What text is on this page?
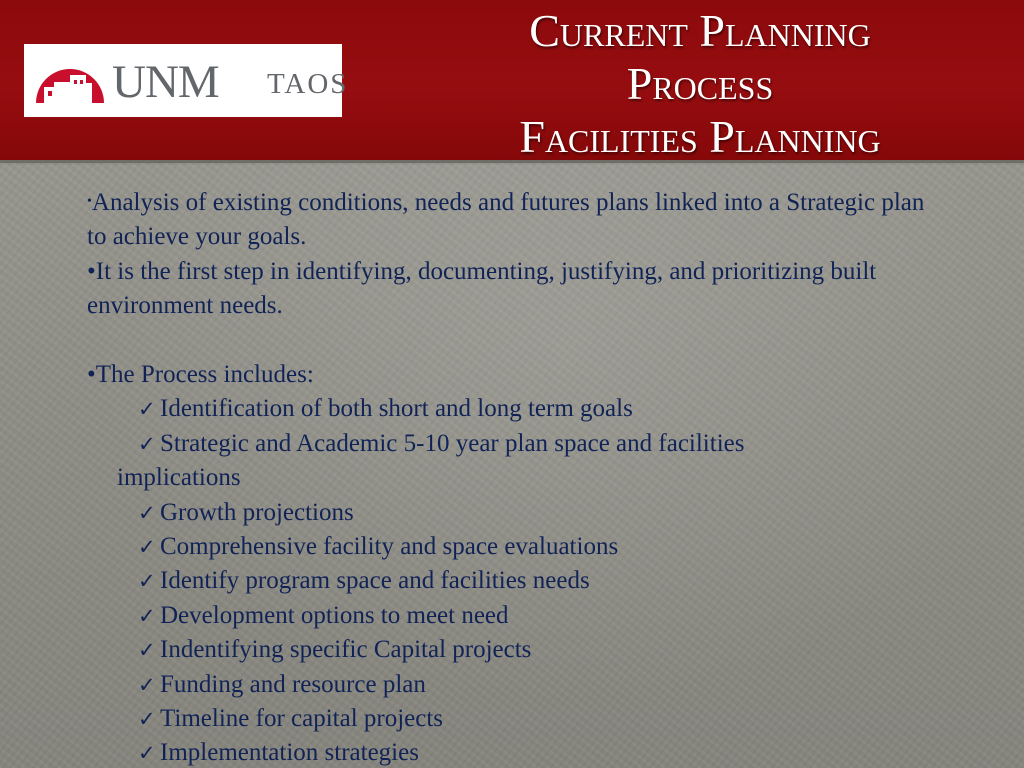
UNM TAOS
Current Planning
Process
Facilities Planning

•Analysis of existing conditions, needs and futures plans linked into a Strategic plan to achieve your goals.

•It is the first step in identifying, documenting, justifying, and prioritizing built environment needs.

•The Process includes:

✓ Identification of both short and long term goals
✓ Strategic and Academic 5-10 year plan space and facilities
implications
✓ Growth projections
✓ Comprehensive facility and space evaluations
✓ Identify program space and facilities needs
✓ Development options to meet need
✓ Indentifying specific Capital projects
✓ Funding and resource plan
✓ Timeline for capital projects
✓ Implementation strategies
